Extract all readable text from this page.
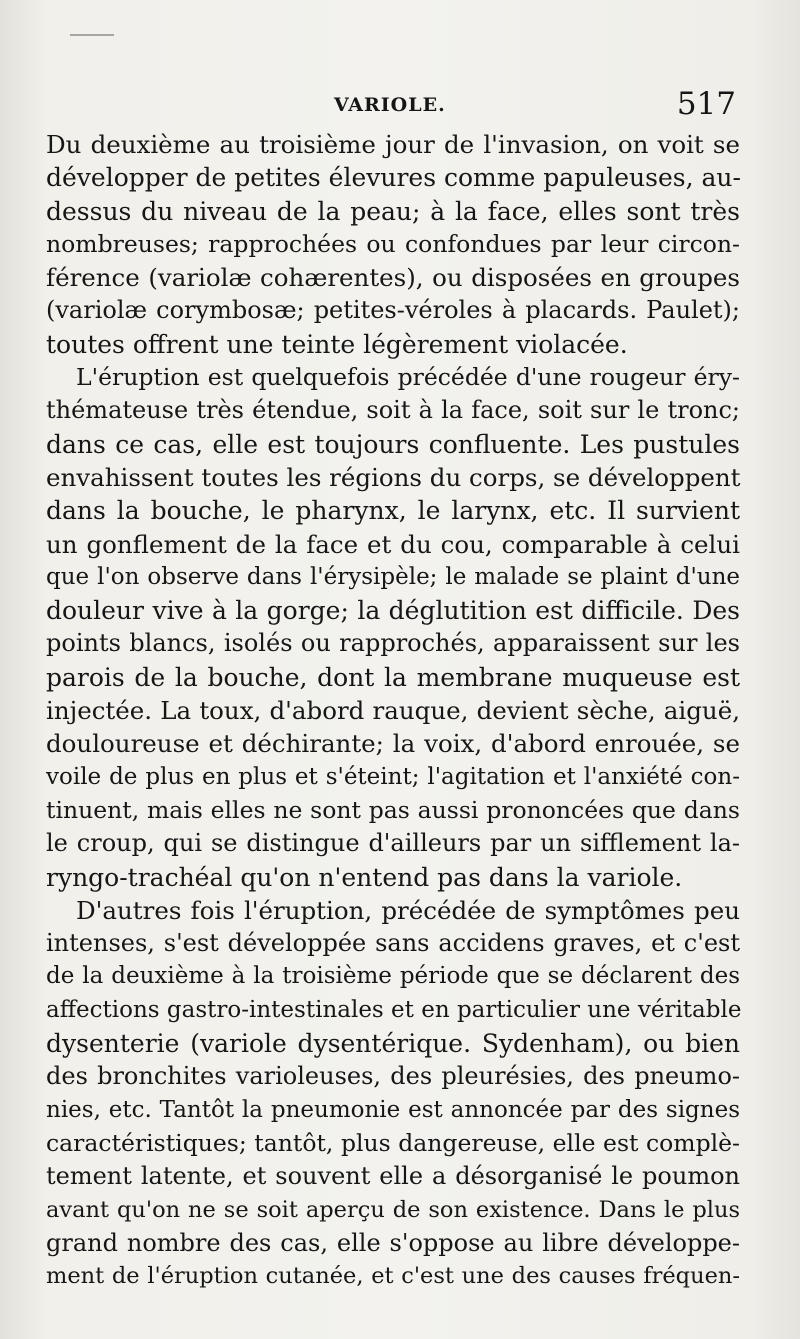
VARIOLE.	517
Du deuxième au troisième jour de l'invasion, on voit se
développer de petites élevures comme papuleuses, au-
dessus du niveau de la peau; à la face, elles sont très
nombreuses; rapprochées ou confondues par leur circon-
férence (variolæ cohærentes), ou disposées en groupes
(variolæ corymbosæ; petites-véroles à placards. Paulet);
toutes offrent une teinte légèrement violacée.
L'éruption est quelquefois précédée d'une rougeur éry-
thémateuse très étendue, soit à la face, soit sur le tronc;
dans ce cas, elle est toujours confluente. Les pustules
envahissent toutes les régions du corps, se développent
dans la bouche, le pharynx, le larynx, etc. Il survient
un gonflement de la face et du cou, comparable à celui
que l'on observe dans l'érysipèle; le malade se plaint d'une
douleur vive à la gorge; la déglutition est difficile. Des
points blancs, isolés ou rapprochés, apparaissent sur les
parois de la bouche, dont la membrane muqueuse est
injectée. La toux, d'abord rauque, devient sèche, aiguë,
douloureuse et déchirante; la voix, d'abord enrouée, se
voile de plus en plus et s'éteint; l'agitation et l'anxiété con-
tinuent, mais elles ne sont pas aussi prononcées que dans
le croup, qui se distingue d'ailleurs par un sifflement la-
ryngo-trachéal qu'on n'entend pas dans la variole.
D'autres fois l'éruption, précédée de symptômes peu
intenses, s'est développée sans accidens graves, et c'est
de la deuxième à la troisième période que se déclarent des
affections gastro-intestinales et en particulier une véritable
dysenterie (variole dysentérique. Sydenham), ou bien
des bronchites varioleuses, des pleurésies, des pneumo-
nies, etc. Tantôt la pneumonie est annoncée par des signes
caractéristiques; tantôt, plus dangereuse, elle est complè-
tement latente, et souvent elle a désorganisé le poumon
avant qu'on ne se soit aperçu de son existence. Dans le plus
grand nombre des cas, elle s'oppose au libre développe-
ment de l'éruption cutanée, et c'est une des causes fréquen-
